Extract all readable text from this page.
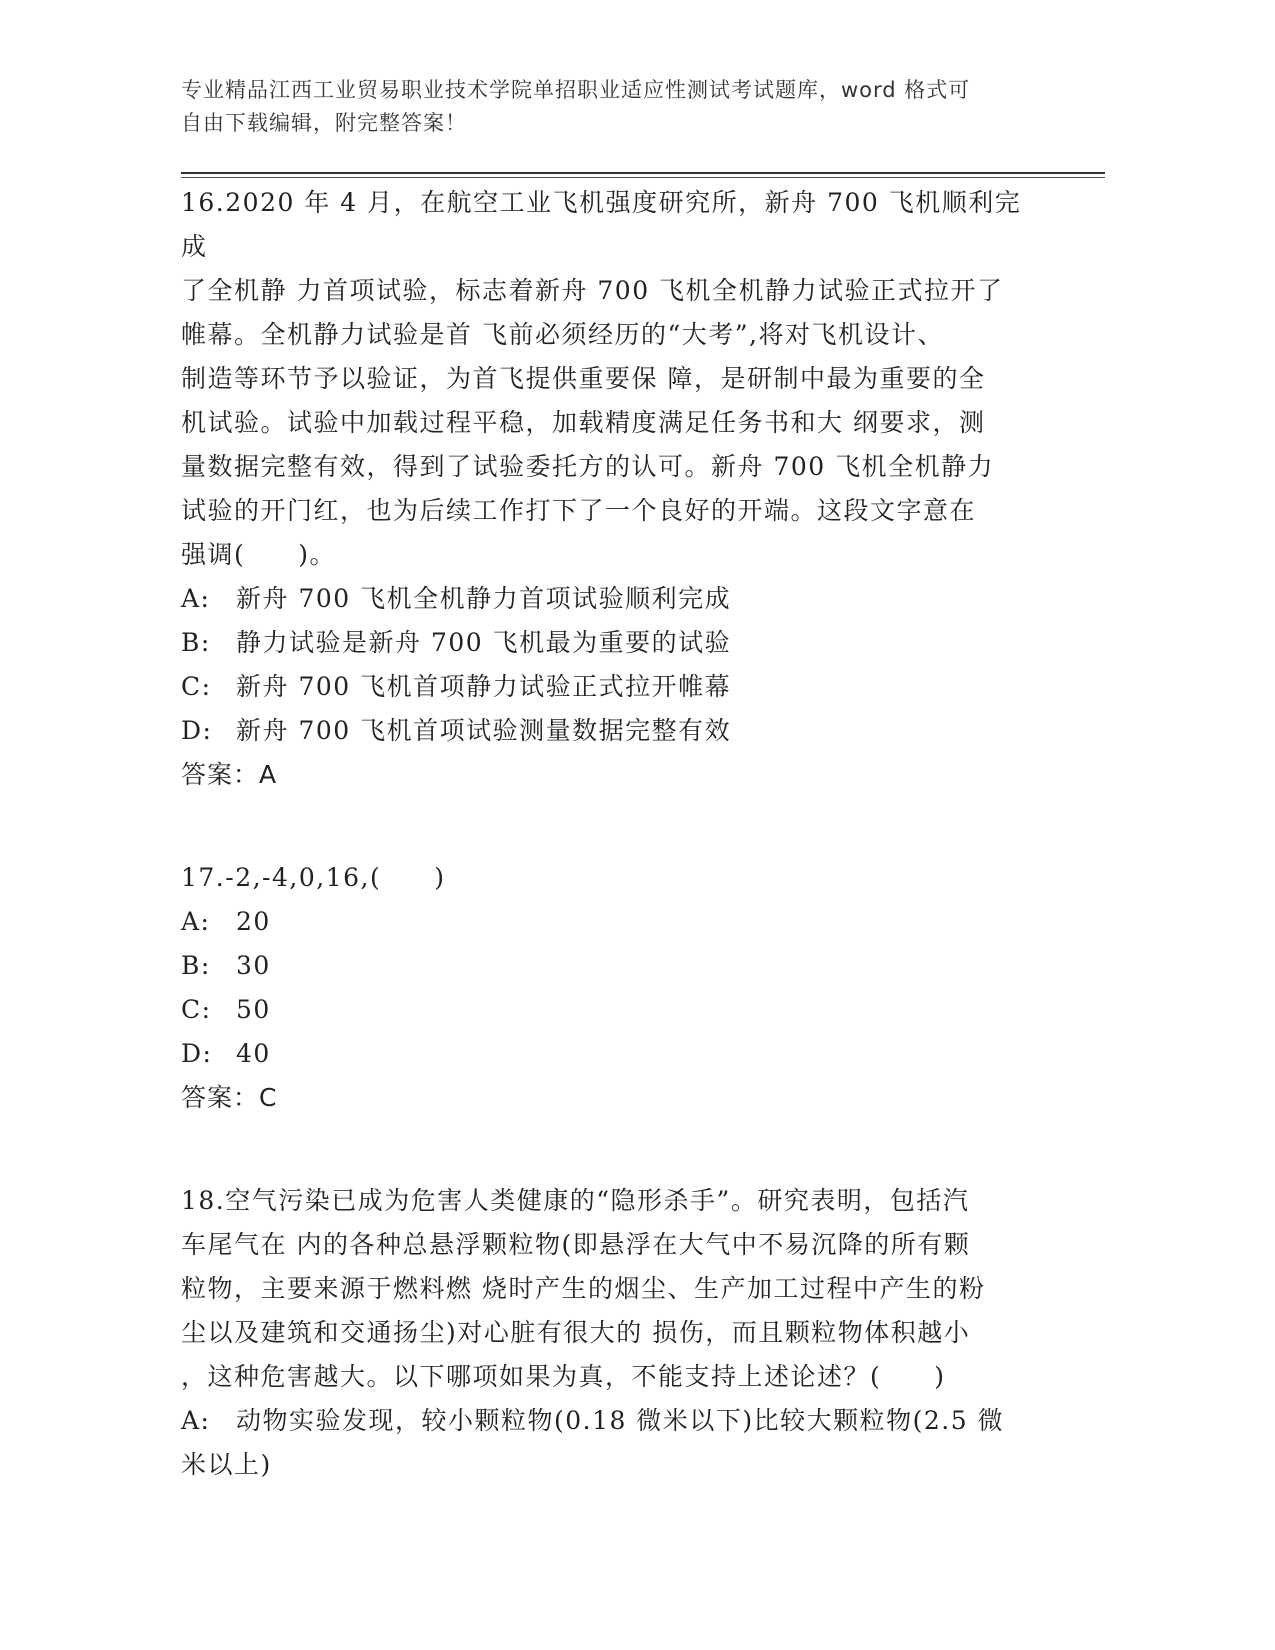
专业精品江西工业贸易职业技术学院单招职业适应性测试考试题库，word 格式可
自由下载编辑，附完整答案！
16.2020 年 4 月，在航空工业飞机强度研究所，新舟 700 飞机顺利完成
了全机静 力首项试验，标志着新舟 700 飞机全机静力试验正式拉开了
帷幕。全机静力试验是首 飞前必须经历的“大考”,将对飞机设计、
制造等环节予以验证，为首飞提供重要保 障，是研制中最为重要的全
机试验。试验中加载过程平稳，加载精度满足任务书和大 纲要求，测
量数据完整有效，得到了试验委托方的认可。新舟 700 飞机全机静力
试验的开门红，也为后续工作打下了一个良好的开端。这段文字意在
强调(　　)。
A:	新舟 700 飞机全机静力首项试验顺利完成
B:	静力试验是新舟 700 飞机最为重要的试验
C: 新舟 700 飞机首项静力试验正式拉开帷幕
D: 新舟 700 飞机首项试验测量数据完整有效
答案：A
17.-2,-4,0,16,(　　)
A:	20
B:	30
C: 50
D: 40
答案：C
18.空气污染已成为危害人类健康的“隐形杀手”。研究表明，包括汽
车尾气在 内的各种总悬浮颗粒物(即悬浮在大气中不易沉降的所有颗
粒物，主要来源于燃料燃 烧时产生的烟尘、生产加工过程中产生的粉
尘以及建筑和交通扬尘)对心脏有很大的 损伤，而且颗粒物体积越小
，这种危害越大。以下哪项如果为真，不能支持上述论述？(　　)
A:	动物实验发现，较小颗粒物(0.18 微米以下)比较大颗粒物(2.5 微
米以上)
